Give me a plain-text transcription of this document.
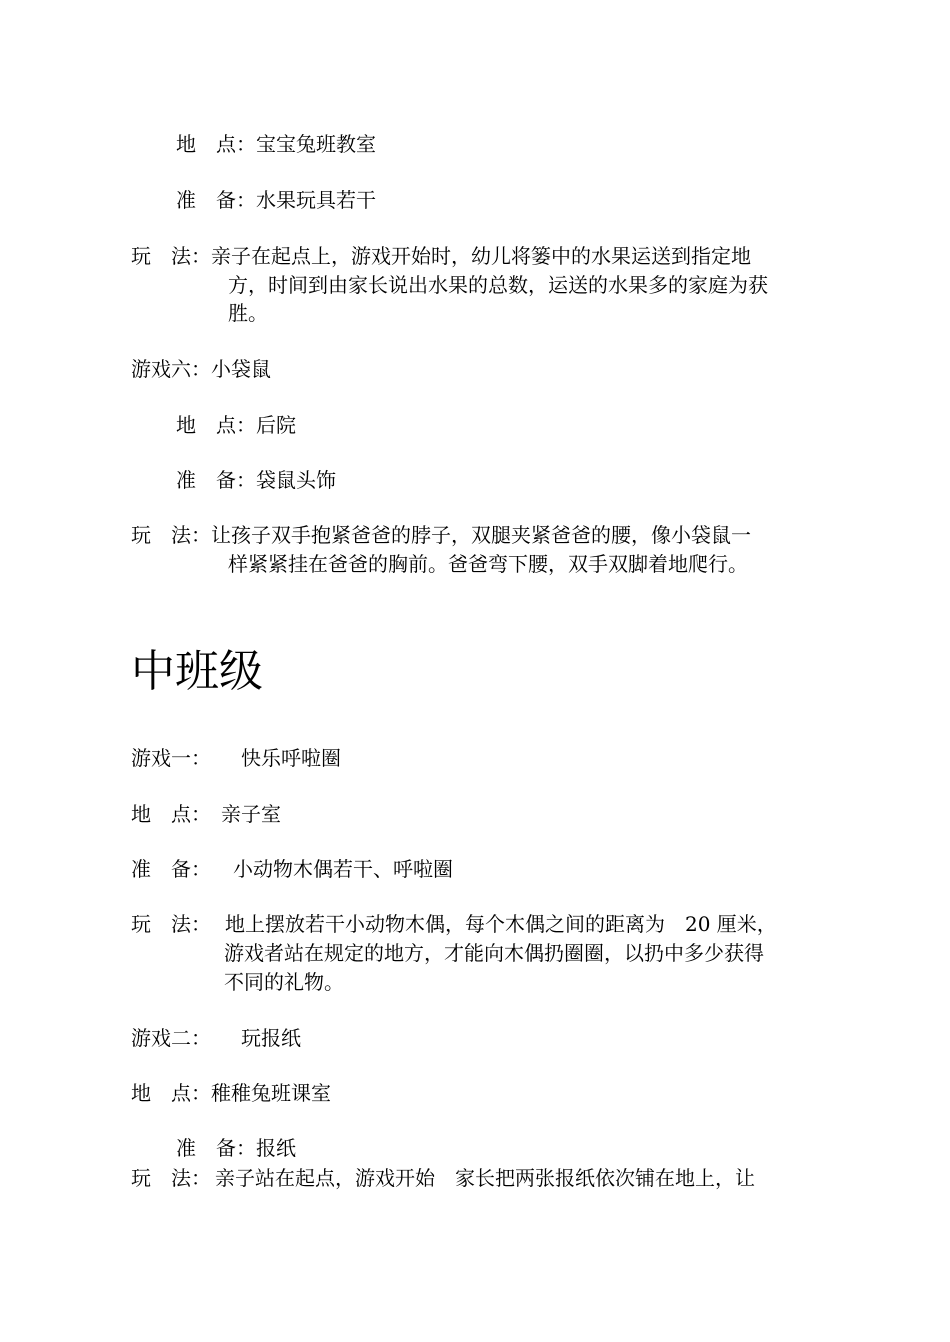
地　点：宝宝兔班教室
准　备：水果玩具若干
玩　法：亲子在起点上，游戏开始时，幼儿将篓中的水果运送到指定地
方，时间到由家长说出水果的总数，运送的水果多的家庭为获
胜。
游戏六：小袋鼠
地　点：后院
准　备：袋鼠头饰
玩　法：让孩子双手抱紧爸爸的脖子，双腿夹紧爸爸的腰，像小袋鼠一
样紧紧挂在爸爸的胸前。爸爸弯下腰，双手双脚着地爬行。
中班级
游戏一： 快乐呼啦圈
地　点： 亲子室
准　备： 小动物木偶若干、呼啦圈
玩　法： 地上摆放若干小动物木偶，每个木偶之间的距离为　20 厘米，
游戏者站在规定的地方，才能向木偶扔圈圈，以扔中多少获得
不同的礼物。
游戏二： 玩报纸
地　点：稚稚兔班课室
准　备：报纸
玩　法： 亲子站在起点，游戏开始　家长把两张报纸依次铺在地上，让
